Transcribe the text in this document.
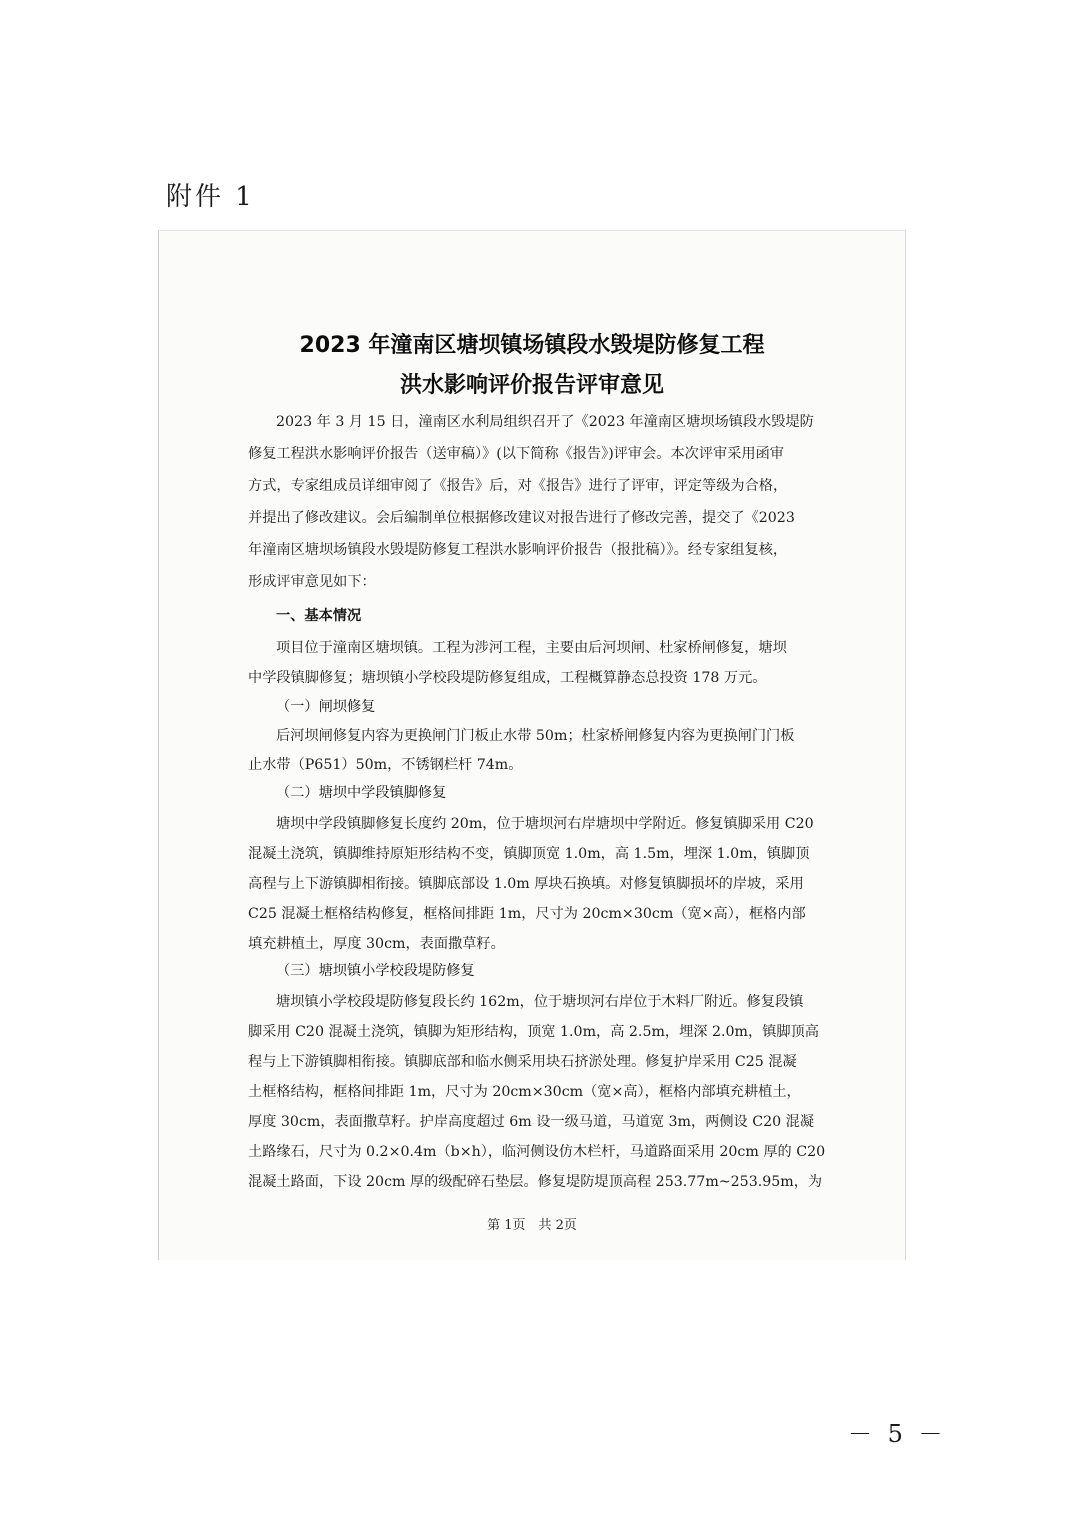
附件 1
2023 年潼南区塘坝镇场镇段水毁堤防修复工程
洪水影响评价报告评审意见

2023 年 3 月 15 日，潼南区水利局组织召开了《2023 年潼南区塘坝场镇段水毁堤防
修复工程洪水影响评价报告（送审稿）》(以下简称《报告》)评审会。本次评审采用函审
方式，专家组成员详细审阅了《报告》后，对《报告》进行了评审，评定等级为合格，
并提出了修改建议。会后编制单位根据修改建议对报告进行了修改完善，提交了《2023
年潼南区塘坝场镇段水毁堤防修复工程洪水影响评价报告（报批稿）》。经专家组复核，
形成评审意见如下：
一、基本情况
项目位于潼南区塘坝镇。工程为涉河工程，主要由后河坝闸、杜家桥闸修复，塘坝
中学段镇脚修复；塘坝镇小学校段堤防修复组成，工程概算静态总投资 178 万元。
（一）闸坝修复
后河坝闸修复内容为更换闸门门板止水带 50m；杜家桥闸修复内容为更换闸门门板
止水带（P651）50m，不锈钢栏杆 74m。
（二）塘坝中学段镇脚修复
塘坝中学段镇脚修复长度约 20m，位于塘坝河右岸塘坝中学附近。修复镇脚采用 C20
混凝土浇筑，镇脚维持原矩形结构不变，镇脚顶宽 1.0m，高 1.5m，埋深 1.0m，镇脚顶
高程与上下游镇脚相衔接。镇脚底部设 1.0m 厚块石换填。对修复镇脚损坏的岸坡，采用
C25 混凝土框格结构修复，框格间排距 1m，尺寸为 20cm×30cm（宽×高），框格内部
填充耕植土，厚度 30cm，表面撒草籽。
（三）塘坝镇小学校段堤防修复
塘坝镇小学校段堤防修复段长约 162m，位于塘坝河右岸位于木料厂附近。修复段镇
脚采用 C20 混凝土浇筑，镇脚为矩形结构，顶宽 1.0m，高 2.5m，埋深 2.0m，镇脚顶高
程与上下游镇脚相衔接。镇脚底部和临水侧采用块石挤淤处理。修复护岸采用 C25 混凝
土框格结构，框格间排距 1m，尺寸为 20cm×30cm（宽×高），框格内部填充耕植土，
厚度 30cm，表面撒草籽。护岸高度超过 6m 设一级马道，马道宽 3m，两侧设 C20 混凝
土路缘石，尺寸为 0.2×0.4m（b×h），临河侧设仿木栏杆，马道路面采用 20cm 厚的 C20
混凝土路面，下设 20cm 厚的级配碎石垫层。修复堤防堤顶高程 253.77m~253.95m，为
第 1页　共 2页
－ 5 －
